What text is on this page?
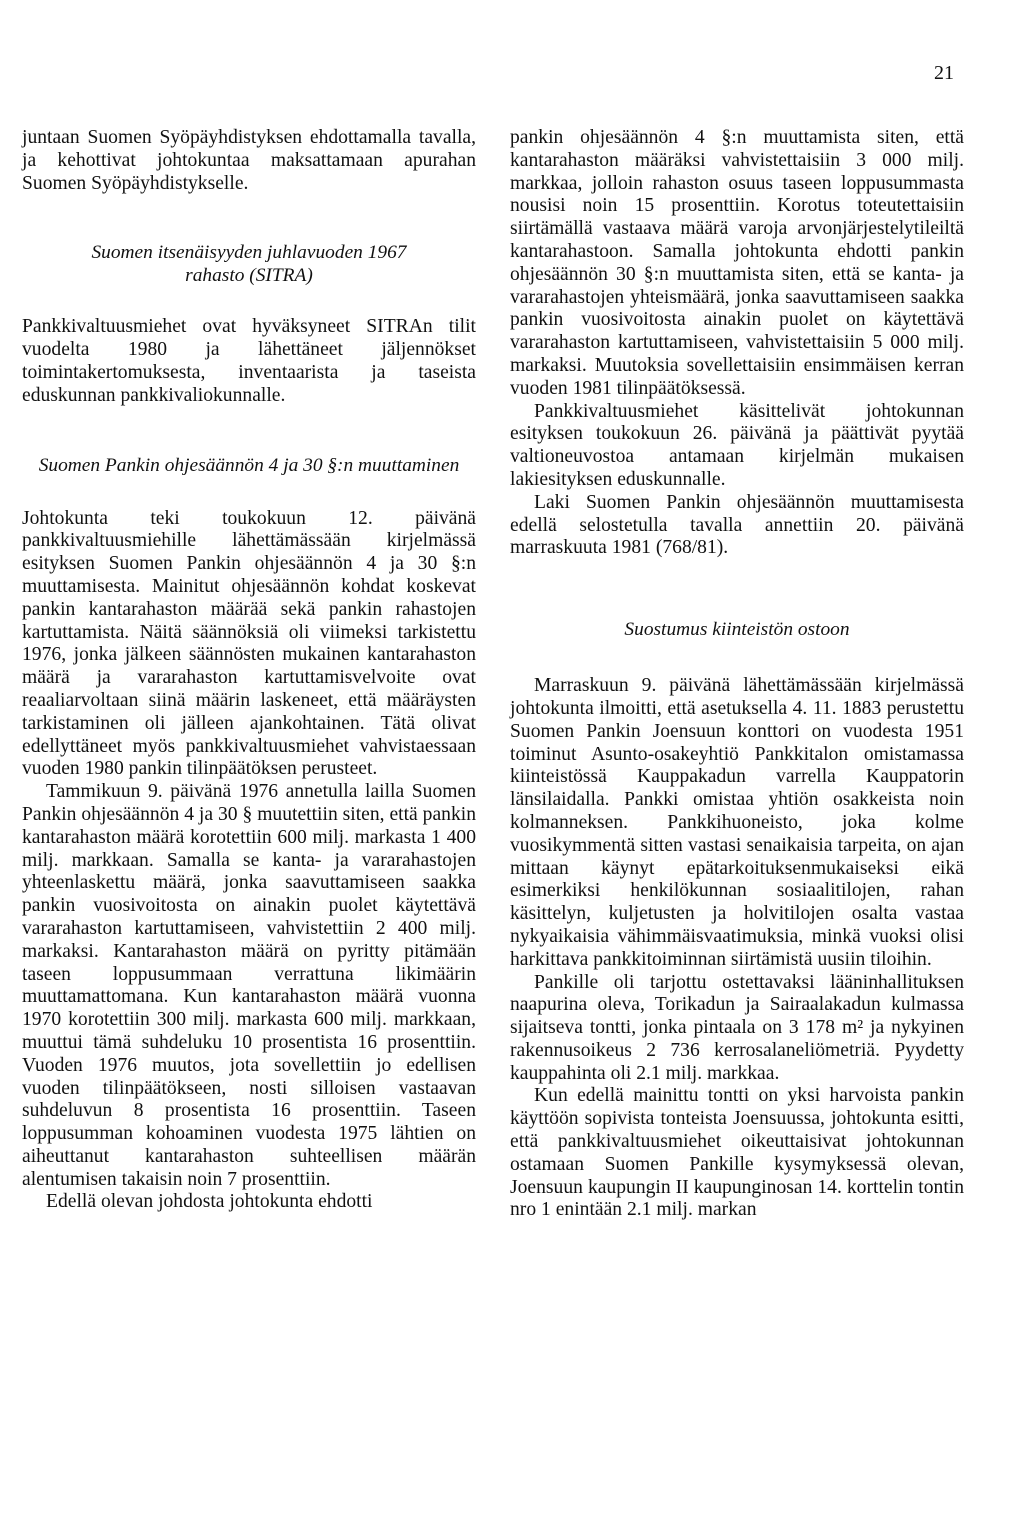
21

juntaan Suomen Syöpäyhdistyksen ehdottamalla tavalla, ja kehottivat johtokuntaa maksattamaan apurahan Suomen Syöpäyhdistykselle.

Suomen itsenäisyyden juhlavuoden 1967 rahasto (SITRA)

Pankkivaltuusmiehet ovat hyväksyneet SITRAn tilit vuodelta 1980 ja lähettäneet jäljennökset toimintakertomuksesta, inventaarista ja taseista eduskunnan pankkivaliokunnalle.

Suomen Pankin ohjesäännön 4 ja 30 §:n muuttaminen

Johtokunta teki toukokuun 12. päivänä pankkivaltuusmiehille lähettämässään kirjelmässä esityksen Suomen Pankin ohjesäännön 4 ja 30 §:n muuttamisesta. Mainitut ohjesäännön kohdat koskevat pankin kantarahaston määrää sekä pankin rahastojen kartuttamista. Näitä säännöksiä oli viimeksi tarkistettu 1976, jonka jälkeen säännösten mukainen kantarahaston määrä ja vararahaston kartuttamisvelvoite ovat reaaliarvoltaan siinä määrin laskeneet, että määräysten tarkistaminen oli jälleen ajankohtainen. Tätä olivat edellyttäneet myös pankkivaltuusmiehet vahvistaessaan vuoden 1980 pankin tilinpäätöksen perusteet.

Tammikuun 9. päivänä 1976 annetulla lailla Suomen Pankin ohjesäännön 4 ja 30 § muutettiin siten, että pankin kantarahaston määrä korotettiin 600 milj. markasta 1 400 milj. markkaan. Samalla se kanta- ja vararahastojen yhteenlaskettu määrä, jonka saavuttamiseen saakka pankin vuosivoitosta on ainakin puolet käytettävä vararahaston kartuttamiseen, vahvistettiin 2 400 milj. markaksi. Kantarahaston määrä on pyritty pitämään taseen loppusummaan verrattuna likimäärin muuttamattomana. Kun kantarahaston määrä vuonna 1970 korotettiin 300 milj. markasta 600 milj. markkaan, muuttui tämä suhdeluku 10 prosentista 16 prosenttiin. Vuoden 1976 muutos, jota sovellettiin jo edellisen vuoden tilinpäätökseen, nosti silloisen vastaavan suhdeluvun 8 prosentista 16 prosenttiin. Taseen loppusumman kohoaminen vuodesta 1975 lähtien on aiheuttanut kantarahaston suhteellisen määrän alentumisen takaisin noin 7 prosenttiin.

Edellä olevan johdosta johtokunta ehdotti

pankin ohjesäännön 4 §:n muuttamista siten, että kantarahaston määräksi vahvistettaisiin 3 000 milj. markkaa, jolloin rahaston osuus taseen loppusummasta nousisi noin 15 prosenttiin. Korotus toteutettaisiin siirtämällä vastaava määrä varoja arvonjärjestelytileiltä kantarahastoon. Samalla johtokunta ehdotti pankin ohjesäännön 30 §:n muuttamista siten, että se kanta- ja vararahastojen yhteismäärä, jonka saavuttamiseen saakka pankin vuosivoitosta ainakin puolet on käytettävä vararahaston kartuttamiseen, vahvistettaisiin 5 000 milj. markaksi. Muutoksia sovellettaisiin ensimmäisen kerran vuoden 1981 tilinpäätöksessä.

Pankkivaltuusmiehet käsittelivät johtokunnan esityksen toukokuun 26. päivänä ja päättivät pyytää valtioneuvostoa antamaan kirjelmän mukaisen lakiesityksen eduskunnalle.

Laki Suomen Pankin ohjesäännön muuttamisesta edellä selostetulla tavalla annettiin 20. päivänä marraskuuta 1981 (768/81).

Suostumus kiinteistön ostoon

Marraskuun 9. päivänä lähettämässään kirjelmässä johtokunta ilmoitti, että asetuksella 4. 11. 1883 perustettu Suomen Pankin Joensuun konttori on vuodesta 1951 toiminut Asunto-osakeyhtiö Pankkitalon omistamassa kiinteistössä Kauppakadun varrella Kauppatorin länsilaidalla. Pankki omistaa yhtiön osakkeista noin kolmanneksen. Pankkihuoneisto, joka kolme vuosikymmentä sitten vastasi senaikaisia tarpeita, on ajan mittaan käynyt epätarkoituksenmukaiseksi eikä esimerkiksi henkilökunnan sosiaalitilojen, rahan käsittelyn, kuljetusten ja holvitilojen osalta vastaa nykyaikaisia vähimmäisvaatimuksia, minkä vuoksi olisi harkittava pankkitoiminnan siirtämistä uusiin tiloihin.

Pankille oli tarjottu ostettavaksi lääninhallituksen naapurina oleva, Torikadun ja Sairaalakadun kulmassa sijaitseva tontti, jonka pintaala on 3 178 m² ja nykyinen rakennusoikeus 2 736 kerrosalaneliömetriä. Pyydetty kauppahinta oli 2.1 milj. markkaa.

Kun edellä mainittu tontti on yksi harvoista pankin käyttöön sopivista tonteista Joensuussa, johtokunta esitti, että pankkivaltuusmiehet oikeuttaisivat johtokunnan ostamaan Suomen Pankille kysymyksessä olevan, Joensuun kaupungin II kaupunginosan 14. korttelin tontin nro 1 enintään 2.1 milj. markan
